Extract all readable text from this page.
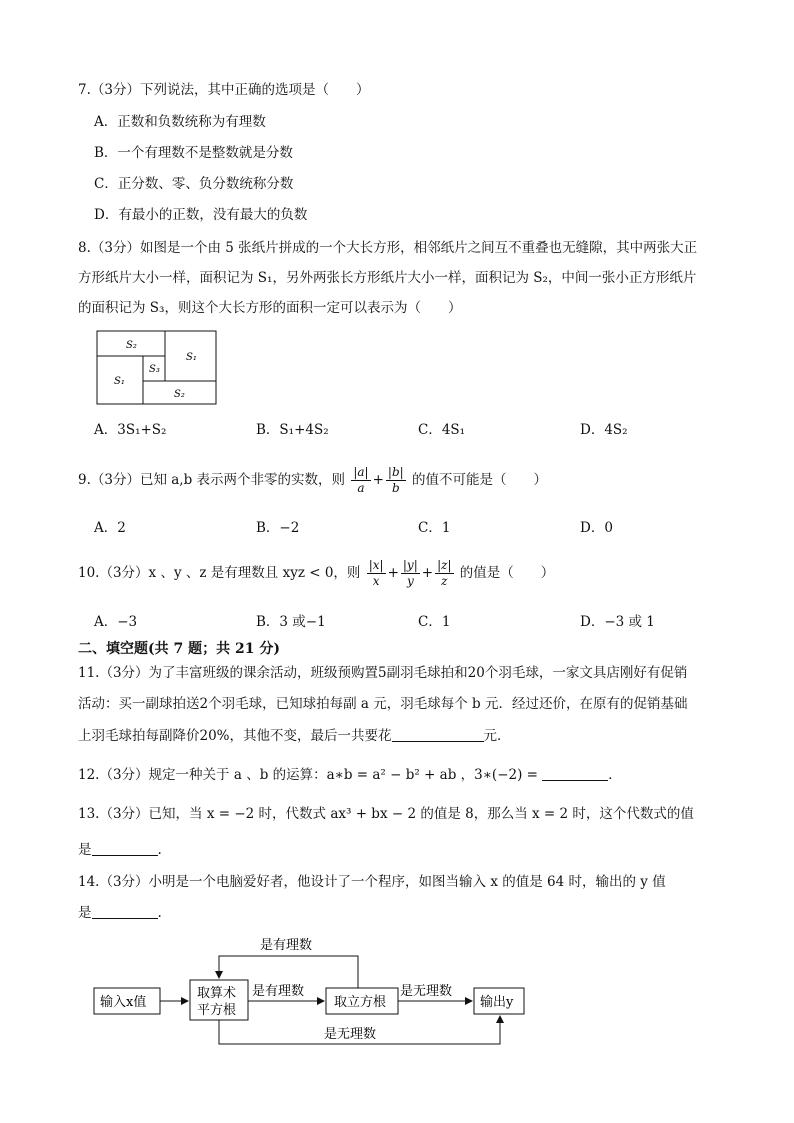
7.（3分）下列说法，其中正确的选项是（　　）
A．正数和负数统称为有理数
B．一个有理数不是整数就是分数
C．正分数、零、负分数统称分数
D．有最小的正数，没有最大的负数
8.（3分）如图是一个由 5 张纸片拼成的一个大长方形，相邻纸片之间互不重叠也无缝隙，其中两张大正
方形纸片大小一样，面积记为 S₁，另外两张长方形纸片大小一样，面积记为 S₂，中间一张小正方形纸片
的面积记为 S₃，则这个大长方形的面积一定可以表示为（　　）
S₂
S₁
S₃
S₁
S₂
A．3S₁+S₂	B．S₁+4S₂	C．4S₁	D．4S₂
9.（3分）已知 a,b 表示两个非零的实数，则 $\frac{|a|}{a} + \frac{|b|}{b}$ 的值不可能是（　　）
A．2	B．−2	C．1	D．0
10.（3分）x 、y 、z 是有理数且 xyz < 0，则 $\frac{|x|}{x} + \frac{|y|}{y} + \frac{|z|}{z}$ 的值是（　　）
A．−3	B．3 或−1	C．1	D．−3 或 1
二、填空题(共 7 题；共 21 分)
11.（3分）为了丰富班级的课余活动，班级预购置5副羽毛球拍和20个羽毛球，一家文具店刚好有促销
活动：买一副球拍送2个羽毛球，已知球拍每副 a 元，羽毛球每个 b 元．经过还价，在原有的促销基础
上羽毛球拍每副降价20%，其他不变，最后一共要花	元．
12.（3分）规定一种关于 a 、b 的运算：a∗b = a² − b² + ab ，3∗(−2) =	．
13.（3分）已知，当 x = −2 时，代数式 ax³ + bx − 2 的值是 8，那么当 x = 2 时，这个代数式的值
是	.
14.（3分）小明是一个电脑爱好者，他设计了一个程序，如图当输入 x 的值是 64 时，输出的 y 值
是	.
输入x值
取算术
平方根
取立方根	输出y
是有理数
是有理数	是无理数
是无理数
